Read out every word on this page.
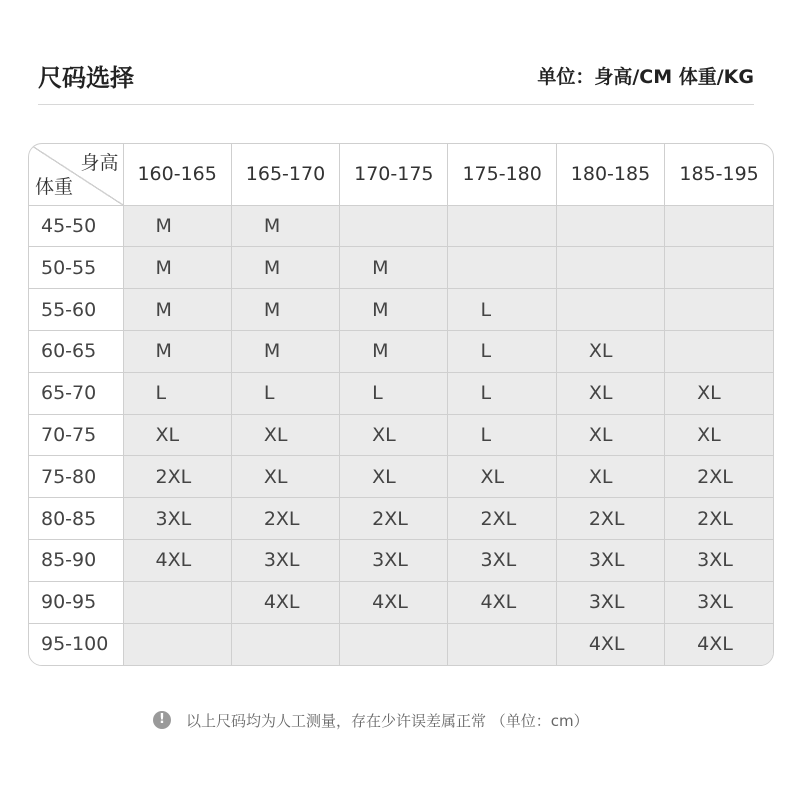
尺码选择	单位：身高/CM 体重/KG
身高
体重	160-165	165-170	170-175	175-180	180-185	185-195
45-50	M	M				
50-55	M	M	M			
55-60	M	M	M	L		
60-65	M	M	M	L	XL	
65-70	L	L	L	L	XL	XL
70-75	XL	XL	XL	L	XL	XL
75-80	2XL	XL	XL	XL	XL	2XL
80-85	3XL	2XL	2XL	2XL	2XL	2XL
85-90	4XL	3XL	3XL	3XL	3XL	3XL
90-95		4XL	4XL	4XL	3XL	3XL
95-100					4XL	4XL
!	以上尺码均为人工测量，存在少许误差属正常 （单位：cm）
